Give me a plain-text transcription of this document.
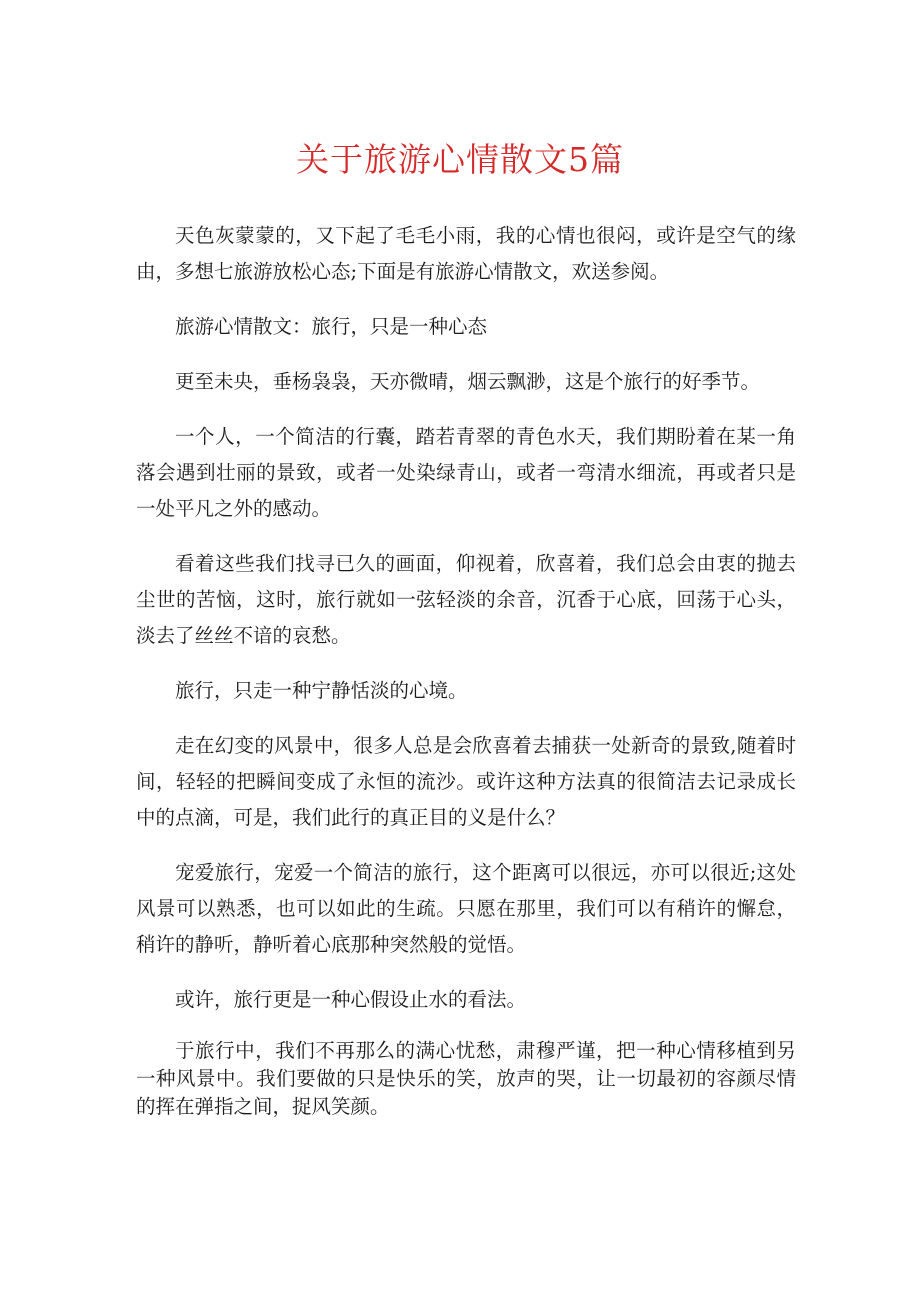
关于旅游心情散文5篇

天色灰蒙蒙的，又下起了毛毛小雨，我的心情也很闷，或许是空气的缘由，多想七旅游放松心态;下面是有旅游心情散文，欢送参阅。

旅游心情散文：旅行，只是一种心态

更至未央，垂杨袅袅，天亦微晴，烟云飘渺，这是个旅行的好季节。

一个人，一个简洁的行囊，踏若青翠的青色水天，我们期盼着在某一角落会遇到壮丽的景致，或者一处染绿青山，或者一弯清水细流，再或者只是一处平凡之外的感动。

看着这些我们找寻已久的画面，仰视着，欣喜着，我们总会由衷的抛去尘世的苦恼，这时，旅行就如一弦轻淡的余音，沉香于心底，回荡于心头，淡去了丝丝不谙的哀愁。

旅行，只走一种宁静恬淡的心境。

走在幻变的风景中，很多人总是会欣喜着去捕获一处新奇的景致,随着时间，轻轻的把瞬间变成了永恒的流沙。或许这种方法真的很简洁去记录成长中的点滴，可是，我们此行的真正目的义是什么？

宠爱旅行，宠爱一个简洁的旅行，这个距离可以很远，亦可以很近;这处风景可以熟悉，也可以如此的生疏。只愿在那里，我们可以有稍许的懈怠，稍许的静听，静听着心底那种突然般的觉悟。

或许，旅行更是一种心假设止水的看法。

于旅行中，我们不再那么的满心忧愁，肃穆严谨，把一种心情移植到另一种风景中。我们要做的只是快乐的笑，放声的哭，让一切最初的容颜尽情的挥在弹指之间，捉风笑颜。
